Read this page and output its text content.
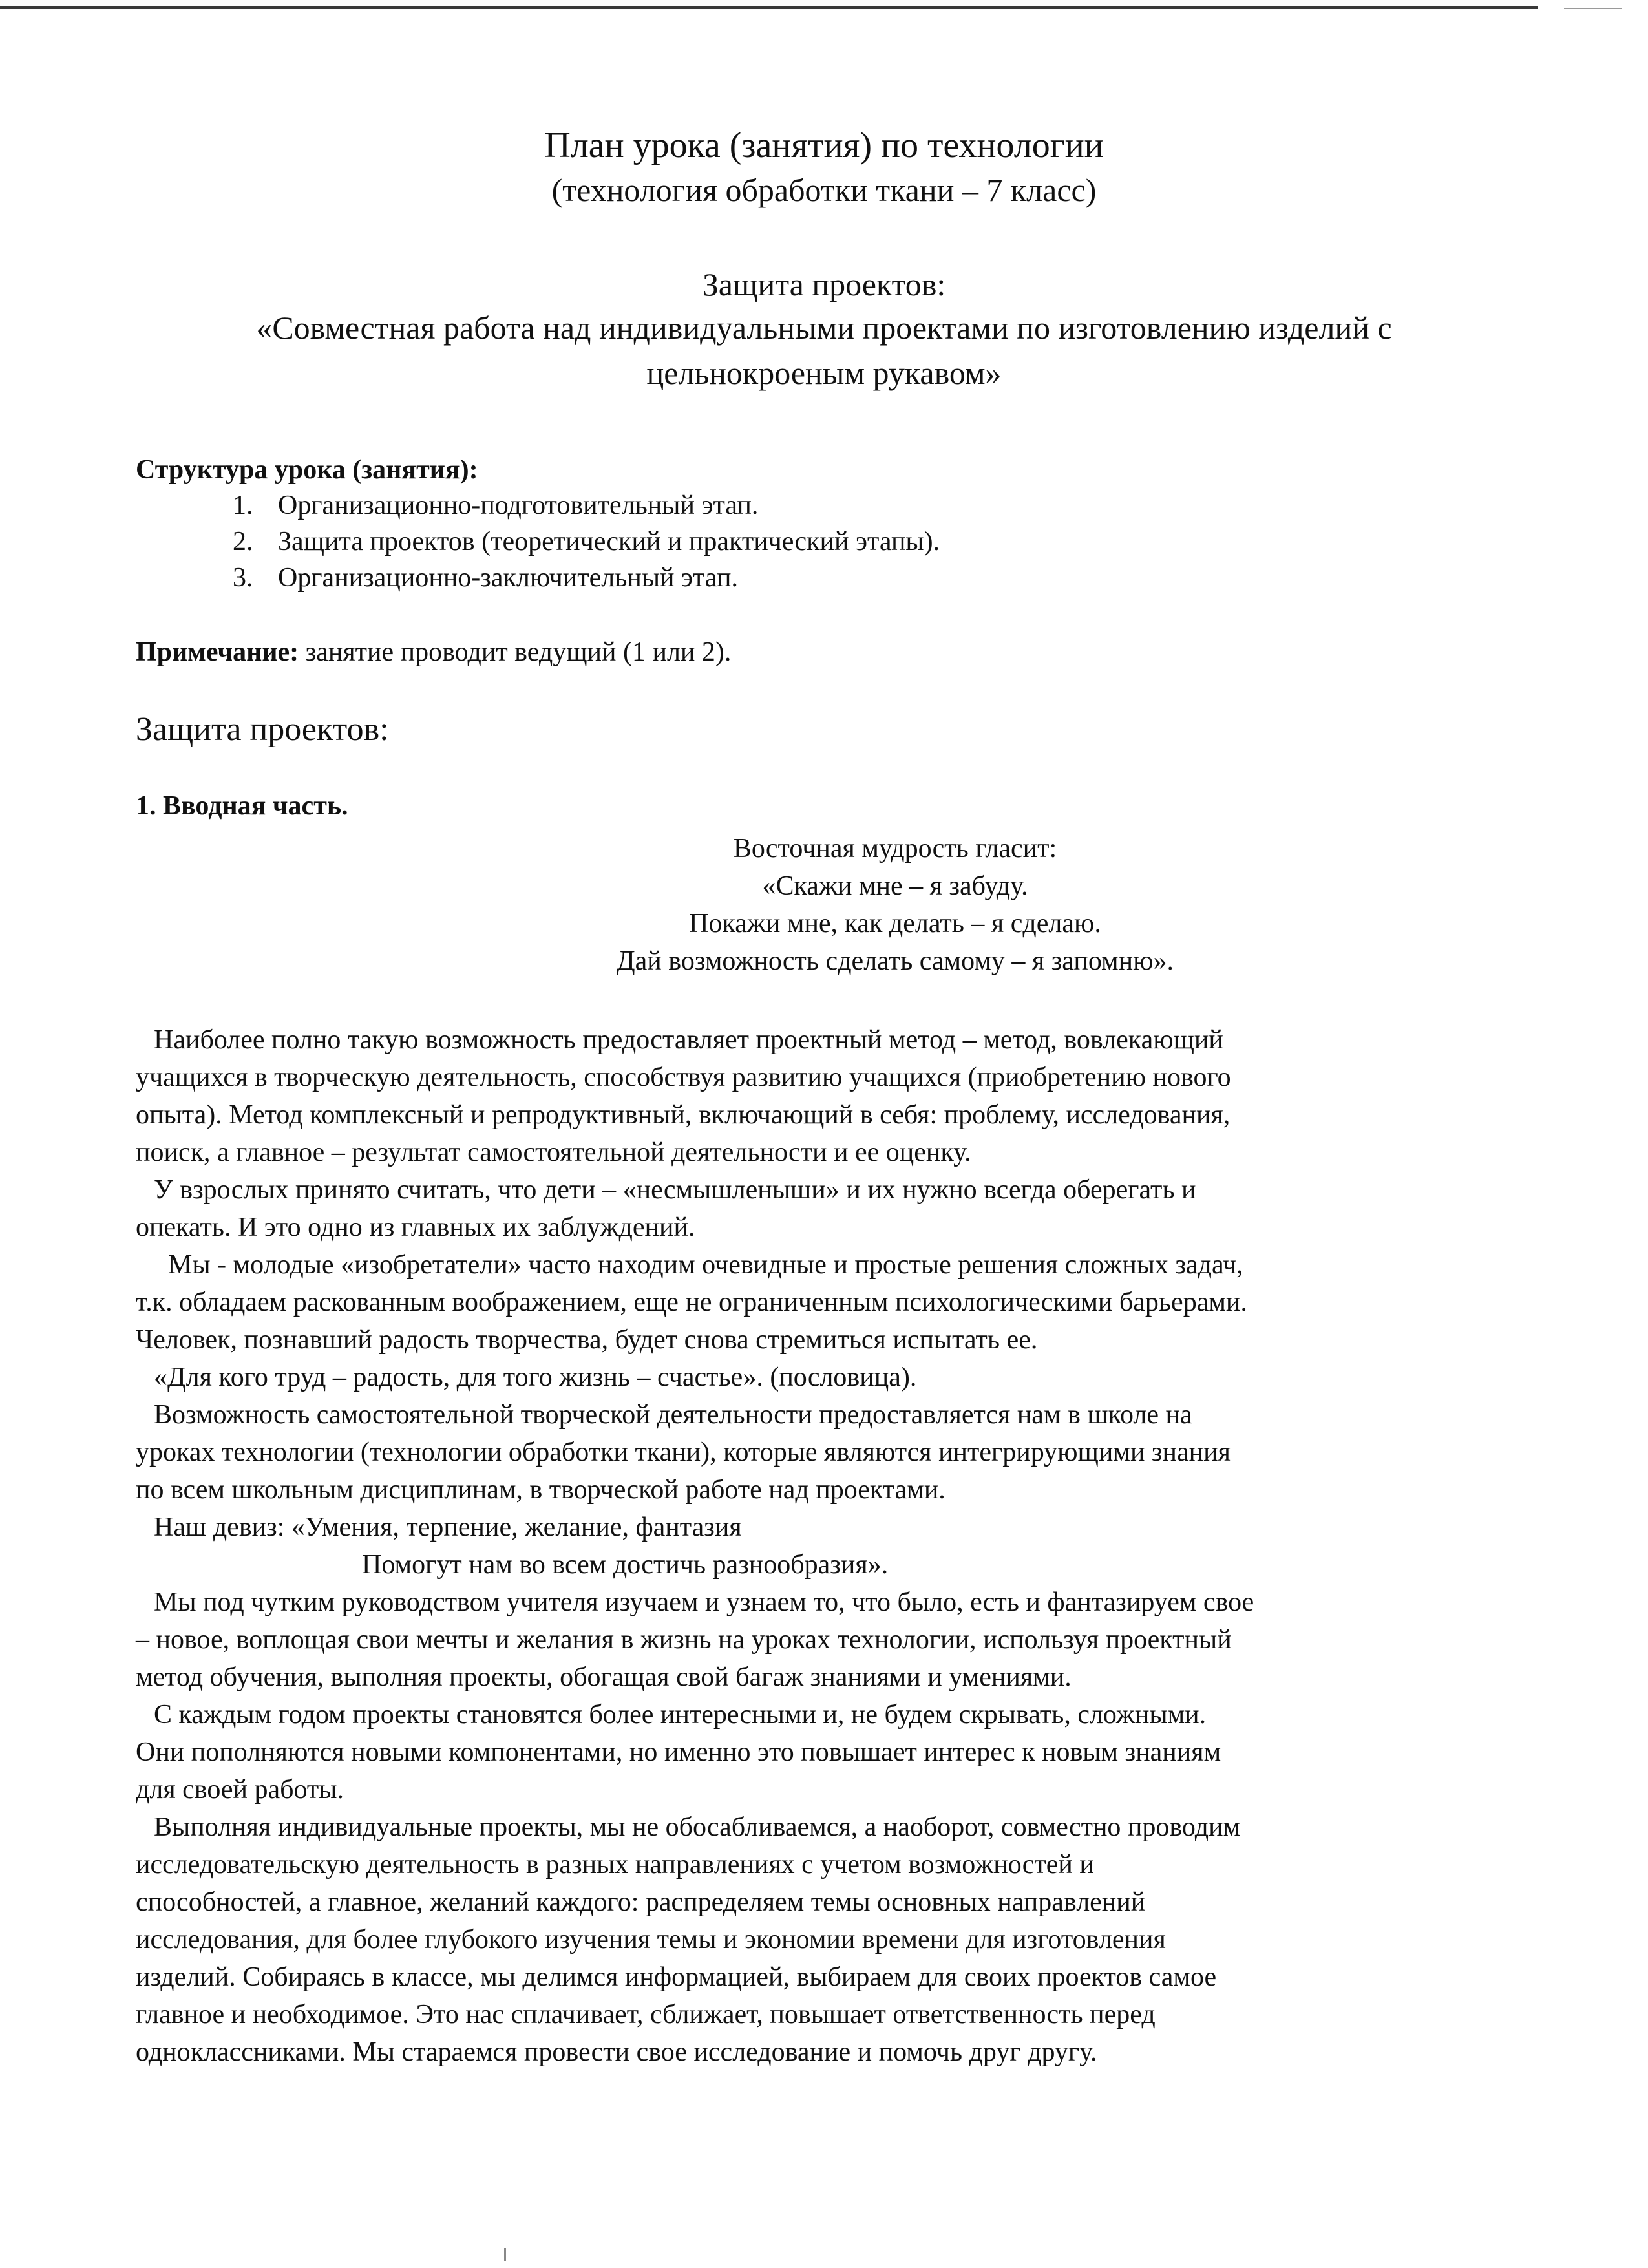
План урока (занятия) по технологии
(технология обработки ткани – 7 класс)
Защита проектов:
«Совместная работа над индивидуальными проектами по изготовлению изделий с
цельнокроеным рукавом»
Структура урока (занятия):
1. Организационно-подготовительный этап.
2. Защита проектов (теоретический и практический этапы).
3. Организационно-заключительный этап.
Примечание: занятие проводит ведущий (1 или 2).
Защита проектов:
1. Вводная часть.
Восточная мудрость гласит:
«Скажи мне – я забуду.
Покажи мне, как делать – я сделаю.
Дай возможность сделать самому – я запомню».

Наиболее полно такую возможность предоставляет проектный метод – метод, вовлекающий

учащихся в творческую деятельность, способствуя развитию учащихся (приобретению нового

опыта). Метод комплексный и репродуктивный, включающий в себя: проблему, исследования,

поиск, а главное – результат самостоятельной деятельности и ее оценку.

У взрослых принято считать, что дети – «несмышленыши» и их нужно всегда оберегать и

опекать. И это одно из главных их заблуждений.

Мы - молодые «изобретатели» часто находим очевидные и простые решения сложных задач,

т.к. обладаем раскованным воображением, еще не ограниченным психологическими барьерами.

Человек, познавший радость творчества, будет снова стремиться испытать ее.

«Для кого труд – радость, для того жизнь – счастье». (пословица).

Возможность самостоятельной творческой деятельности предоставляется нам в школе на

уроках технологии (технологии обработки ткани), которые являются интегрирующими знания

по всем школьным дисциплинам, в творческой работе над проектами.

Наш девиз: «Умения, терпение, желание, фантазия

Помогут нам во всем достичь разнообразия».

Мы под чутким руководством учителя изучаем и узнаем то, что было, есть и фантазируем свое

– новое, воплощая свои мечты и желания в жизнь на уроках технологии, используя проектный

метод обучения, выполняя проекты, обогащая свой багаж знаниями и умениями.

С каждым годом проекты становятся более интересными и, не будем скрывать, сложными.

Они пополняются новыми компонентами, но именно это повышает интерес к новым знаниям

для своей работы.

Выполняя индивидуальные проекты, мы не обосабливаемся, а наоборот, совместно проводим

исследовательскую деятельность в разных направлениях с учетом возможностей и

способностей, а главное, желаний каждого: распределяем темы основных направлений

исследования, для более глубокого изучения темы и экономии времени для изготовления

изделий. Собираясь в классе, мы делимся информацией, выбираем для своих проектов самое

главное и необходимое. Это нас сплачивает, сближает, повышает ответственность перед

одноклассниками. Мы стараемся провести свое исследование и помочь друг другу.
